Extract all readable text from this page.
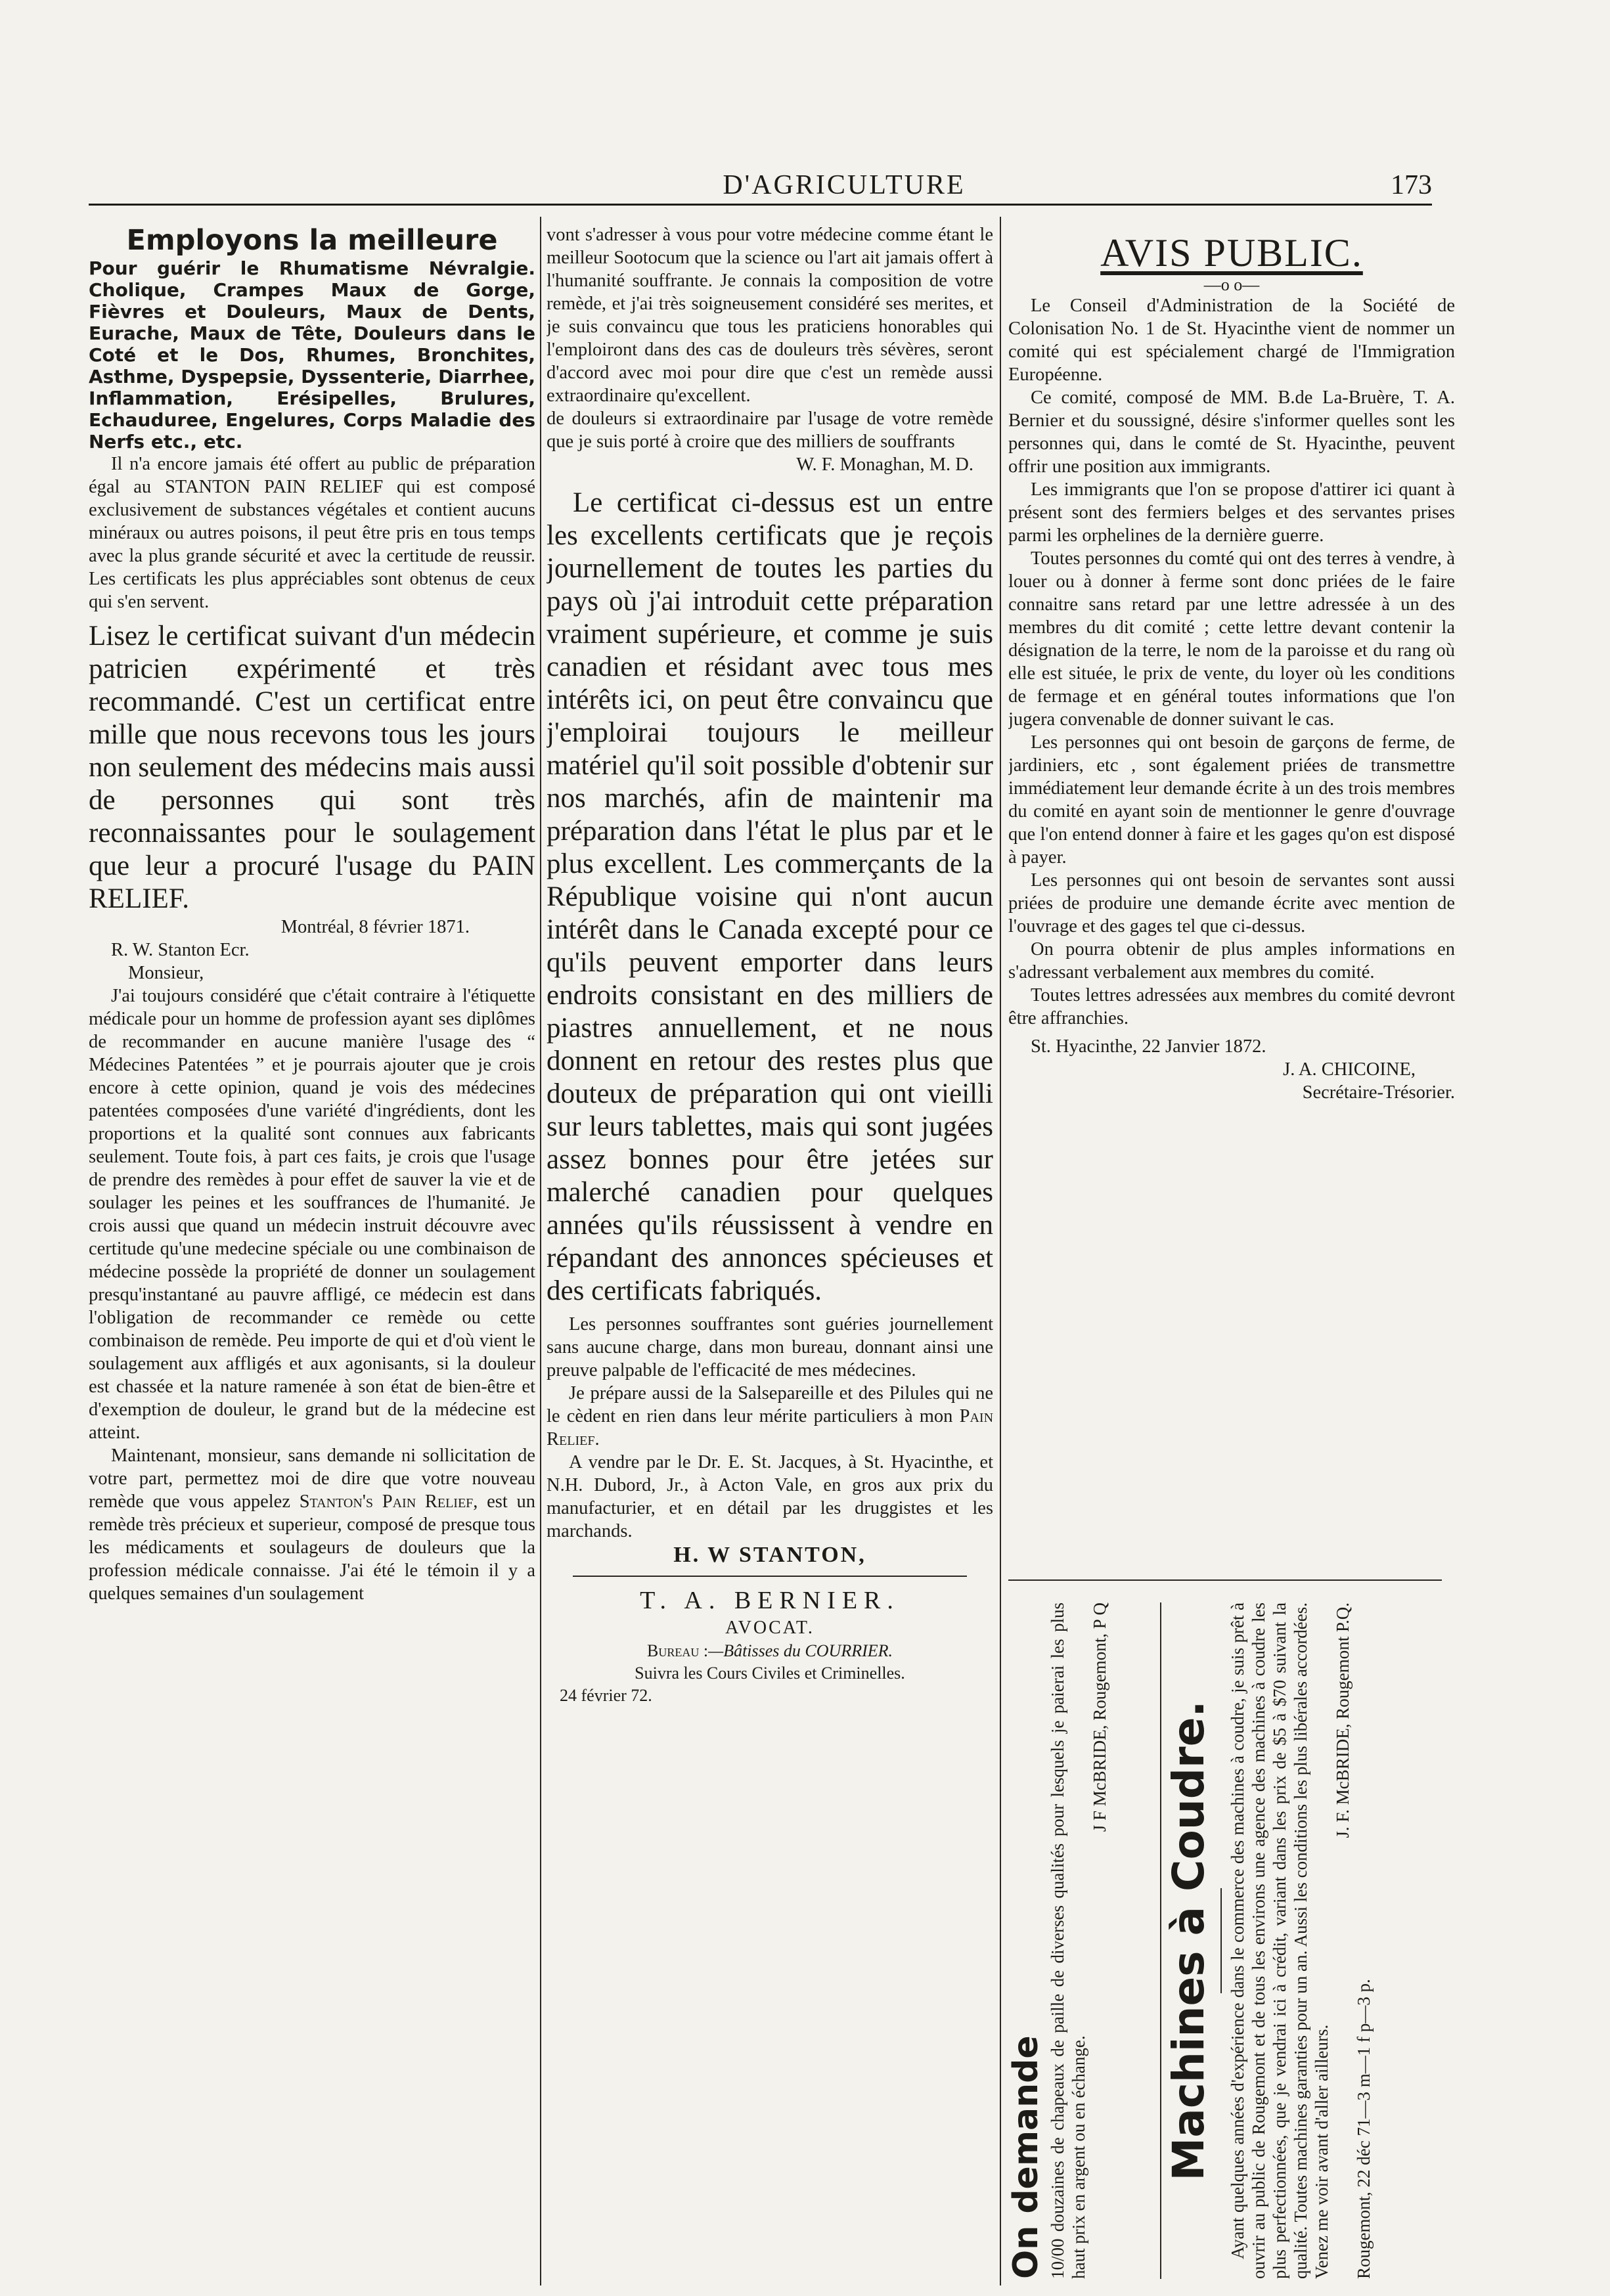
D'AGRICULTURE	173

Employons la meilleure

Pour guérir le Rhumatisme Névralgie. Cholique, Crampes Maux de Gorge, Fièvres et Douleurs, Maux de Dents, Eurache, Maux de Tête, Douleurs dans le Coté et le Dos, Rhumes, Bronchites, Asthme, Dyspepsie, Dyssenterie, Diarrhee, Inflammation, Erésipelles, Brulures, Echauduree, Engelures, Corps Maladie des Nerfs etc., etc.

Il n'a encore jamais été offert au public de préparation égal au STANTON PAIN RELIEF qui est composé exclusivement de substances végétales et contient aucuns minéraux ou autres poisons, il peut être pris en tous temps avec la plus grande sécurité et avec la certitude de reussir. Les certificats les plus appréciables sont obtenus de ceux qui s'en servent.

Lisez le certificat suivant d'un médecin patricien expérimenté et très recommandé. C'est un certificat entre mille que nous recevons tous les jours non seulement des médecins mais aussi de personnes qui sont très reconnaissantes pour le soulagement que leur a procuré l'usage du PAIN RELIEF.

Montréal, 8 février 1871.

R. W. Stanton Ecr.

Monsieur,

J'ai toujours considéré que c'était contraire à l'étiquette médicale pour un homme de profession ayant ses diplômes de recommander en aucune manière l'usage des “ Médecines Patentées ” et je pourrais ajouter que je crois encore à cette opinion, quand je vois des médecines patentées composées d'une variété d'ingrédients, dont les proportions et la qualité sont connues aux fabricants seulement. Toute fois, à part ces faits, je crois que l'usage de prendre des remèdes à pour effet de sauver la vie et de soulager les peines et les souffrances de l'humanité. Je crois aussi que quand un médecin instruit découvre avec certitude qu'une medecine spéciale ou une combinaison de médecine possède la propriété de donner un soulagement presqu'instantané au pauvre affligé, ce médecin est dans l'obligation de recommander ce remède ou cette combinaison de remède. Peu importe de qui et d'où vient le soulagement aux affligés et aux agonisants, si la douleur est chassée et la nature ramenée à son état de bien-être et d'exemption de douleur, le grand but de la médecine est atteint.

Maintenant, monsieur, sans demande ni sollicitation de votre part, permettez moi de dire que votre nouveau remède que vous appelez Stanton's Pain Relief, est un remède très précieux et superieur, composé de presque tous les médicaments et soulageurs de douleurs que la profession médicale connaisse. J'ai été le témoin il y a quelques semaines d'un soulagement

vont s'adresser à vous pour votre médecine comme étant le meilleur Sootocum que la science ou l'art ait jamais offert à l'humanité souffrante. Je connais la composition de votre remède, et j'ai très soigneusement considéré ses merites, et je suis convaincu que tous les praticiens honorables qui l'emploiront dans des cas de douleurs très sévères, seront d'accord avec moi pour dire que c'est un remède aussi extraordinaire qu'excellent.

de douleurs si extraordinaire par l'usage de votre remède que je suis porté à croire que des milliers de souffrants

W. F. Monaghan, M. D.

Le certificat ci-dessus est un entre les excellents certificats que je reçois journellement de toutes les parties du pays où j'ai introduit cette préparation vraiment supérieure, et comme je suis canadien et résidant avec tous mes intérêts ici, on peut être convaincu que j'emploirai toujours le meilleur matériel qu'il soit possible d'obtenir sur nos marchés, afin de maintenir ma préparation dans l'état le plus par et le plus excellent. Les commerçants de la République voisine qui n'ont aucun intérêt dans le Canada excepté pour ce qu'ils peuvent emporter dans leurs endroits consistant en des milliers de piastres annuellement, et ne nous donnent en retour des restes plus que douteux de préparation qui ont vieilli sur leurs tablettes, mais qui sont jugées assez bonnes pour être jetées sur malerché canadien pour quelques années qu'ils réussissent à vendre en répandant des annonces spécieuses et des certificats fabriqués.

Les personnes souffrantes sont guéries journellement sans aucune charge, dans mon bureau, donnant ainsi une preuve palpable de l'efficacité de mes médecines.

Je prépare aussi de la Salsepareille et des Pilules qui ne le cèdent en rien dans leur mérite particuliers à mon Pain Relief.

A vendre par le Dr. E. St. Jacques, à St. Hyacinthe, et N.H. Dubord, Jr., à Acton Vale, en gros aux prix du manufacturier, et en détail par les druggistes et les marchands.

H. W STANTON,

T. A. BERNIER.

AVOCAT.

Bureau :—Bâtisses du COURRIER.

Suivra les Cours Civiles et Criminelles.

24 février 72.

AVIS PUBLIC.

—o o—

Le Conseil d'Administration de la Société de Colonisation No. 1 de St. Hyacinthe vient de nommer un comité qui est spécialement chargé de l'Immigration Européenne.

Ce comité, composé de MM. B.de La-Bruère, T. A. Bernier et du soussigné, désire s'informer quelles sont les personnes qui, dans le comté de St. Hyacinthe, peuvent offrir une position aux immigrants.

Les immigrants que l'on se propose d'attirer ici quant à présent sont des fermiers belges et des servantes prises parmi les orphelines de la dernière guerre.

Toutes personnes du comté qui ont des terres à vendre, à louer ou à donner à ferme sont donc priées de le faire connaitre sans retard par une lettre adressée à un des membres du dit comité ; cette lettre devant contenir la désignation de la terre, le nom de la paroisse et du rang où elle est située, le prix de vente, du loyer où les conditions de fermage et en général toutes informations que l'on jugera convenable de donner suivant le cas.

Les personnes qui ont besoin de garçons de ferme, de jardiniers, etc , sont également priées de transmettre immédiatement leur demande écrite à un des trois membres du comité en ayant soin de mentionner le genre d'ouvrage que l'on entend donner à faire et les gages qu'on est disposé à payer.

Les personnes qui ont besoin de servantes sont aussi priées de produire une demande écrite avec mention de l'ouvrage et des gages tel que ci-dessus.

On pourra obtenir de plus amples informations en s'adressant verbalement aux membres du comité.

Toutes lettres adressées aux membres du comité devront être affranchies.

St. Hyacinthe, 22 Janvier 1872.

J. A. CHICOINE,

Secrétaire-Trésorier.

On demande 10/00 douzaines de chapeaux de paille de diverses qualités pour lesquels je paierai les plus haut prix en argent ou en échange.

J F McBRIDE, Rougemont, P Q Machines à Coudre. Ayant quelques années d'expérience dans le commerce des machines à coudre, je suis prêt à ouvrir au public de Rougemont et de tous les environs une agence des machines à coudre les plus perfectionnées, que je vendrai ici à crédit, variant dans les prix de $5 à $70 suivant la qualité. Toutes machines garanties pour un an. Aussi les conditions les plus libérales accordées. Venez me voir avant d'aller ailleurs.

J. F. McBRIDE, Rougemont P.Q.

Rougemont, 22 déc 71—3 m—1 f p—3 p.
